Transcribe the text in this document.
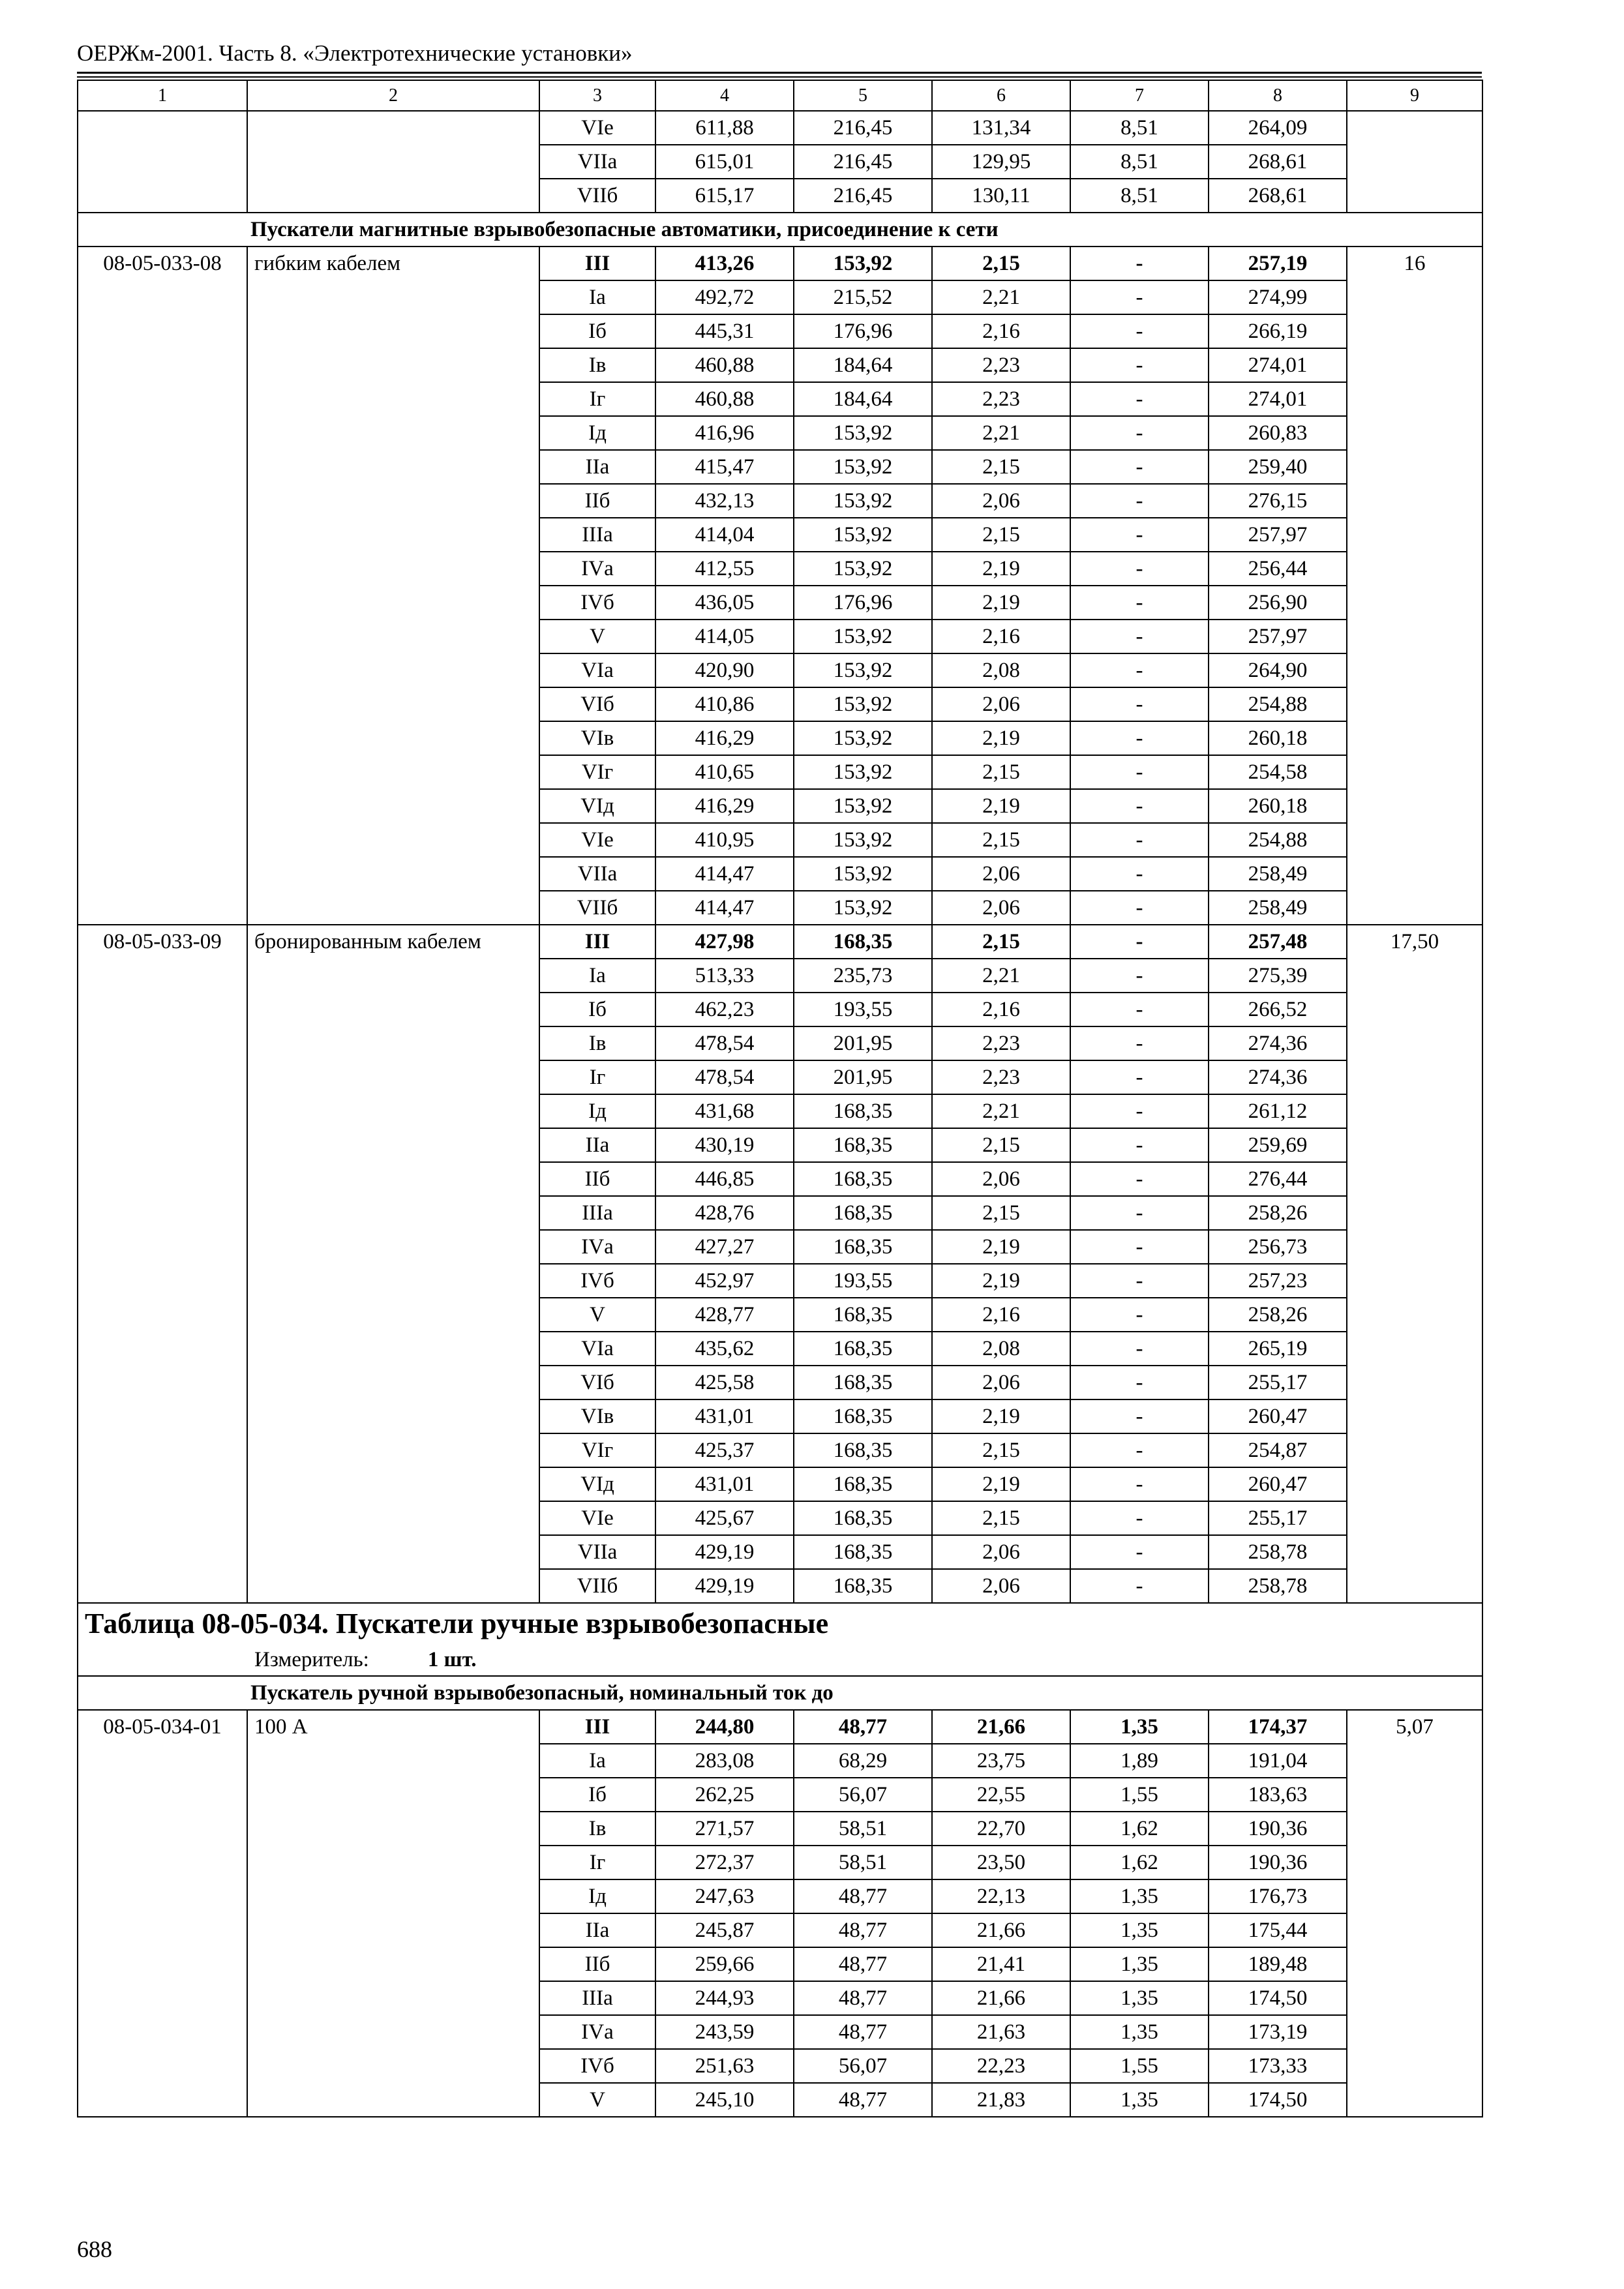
ОЕРЖм-2001. Часть 8. «Электротехнические установки»
1	2	3	4	5	6	7	8	9
		VIе	611,88	216,45	131,34	8,51	264,09	
		VIIа	615,01	216,45	129,95	8,51	268,61	
		VIIб	615,17	216,45	130,11	8,51	268,61	
Пускатели магнитные взрывобезопасные автоматики, присоединение к сети								
08-05-033-08	гибким кабелем	III	413,26	153,92	2,15	-	257,19	16
		Iа	492,72	215,52	2,21	-	274,99	
		Iб	445,31	176,96	2,16	-	266,19	
		Iв	460,88	184,64	2,23	-	274,01	
		Iг	460,88	184,64	2,23	-	274,01	
		Iд	416,96	153,92	2,21	-	260,83	
		IIа	415,47	153,92	2,15	-	259,40	
		IIб	432,13	153,92	2,06	-	276,15	
		IIIа	414,04	153,92	2,15	-	257,97	
		IVа	412,55	153,92	2,19	-	256,44	
		IVб	436,05	176,96	2,19	-	256,90	
		V	414,05	153,92	2,16	-	257,97	
		VIа	420,90	153,92	2,08	-	264,90	
		VIб	410,86	153,92	2,06	-	254,88	
		VIв	416,29	153,92	2,19	-	260,18	
		VIг	410,65	153,92	2,15	-	254,58	
		VIд	416,29	153,92	2,19	-	260,18	
		VIе	410,95	153,92	2,15	-	254,88	
		VIIа	414,47	153,92	2,06	-	258,49	
		VIIб	414,47	153,92	2,06	-	258,49	
08-05-033-09	бронированным кабелем	III	427,98	168,35	2,15	-	257,48	17,50
		Iа	513,33	235,73	2,21	-	275,39	
		Iб	462,23	193,55	2,16	-	266,52	
		Iв	478,54	201,95	2,23	-	274,36	
		Iг	478,54	201,95	2,23	-	274,36	
		Iд	431,68	168,35	2,21	-	261,12	
		IIа	430,19	168,35	2,15	-	259,69	
		IIб	446,85	168,35	2,06	-	276,44	
		IIIа	428,76	168,35	2,15	-	258,26	
		IVа	427,27	168,35	2,19	-	256,73	
		IVб	452,97	193,55	2,19	-	257,23	
		V	428,77	168,35	2,16	-	258,26	
		VIа	435,62	168,35	2,08	-	265,19	
		VIб	425,58	168,35	2,06	-	255,17	
		VIв	431,01	168,35	2,19	-	260,47	
		VIг	425,37	168,35	2,15	-	254,87	
		VIд	431,01	168,35	2,19	-	260,47	
		VIе	425,67	168,35	2,15	-	255,17	
		VIIа	429,19	168,35	2,06	-	258,78	
		VIIб	429,19	168,35	2,06	-	258,78	
Таблица 08-05-034. Пускатели ручные взрывобезопасные								
Измеритель: 1 шт.								
Пускатель ручной взрывобезопасный, номинальный ток до								
08-05-034-01	100 А	III	244,80	48,77	21,66	1,35	174,37	5,07
		Iа	283,08	68,29	23,75	1,89	191,04	
		Iб	262,25	56,07	22,55	1,55	183,63	
		Iв	271,57	58,51	22,70	1,62	190,36	
		Iг	272,37	58,51	23,50	1,62	190,36	
		Iд	247,63	48,77	22,13	1,35	176,73	
		IIа	245,87	48,77	21,66	1,35	175,44	
		IIб	259,66	48,77	21,41	1,35	189,48	
		IIIа	244,93	48,77	21,66	1,35	174,50	
		IVа	243,59	48,77	21,63	1,35	173,19	
		IVб	251,63	56,07	22,23	1,55	173,33	
		V	245,10	48,77	21,83	1,35	174,50	
688
